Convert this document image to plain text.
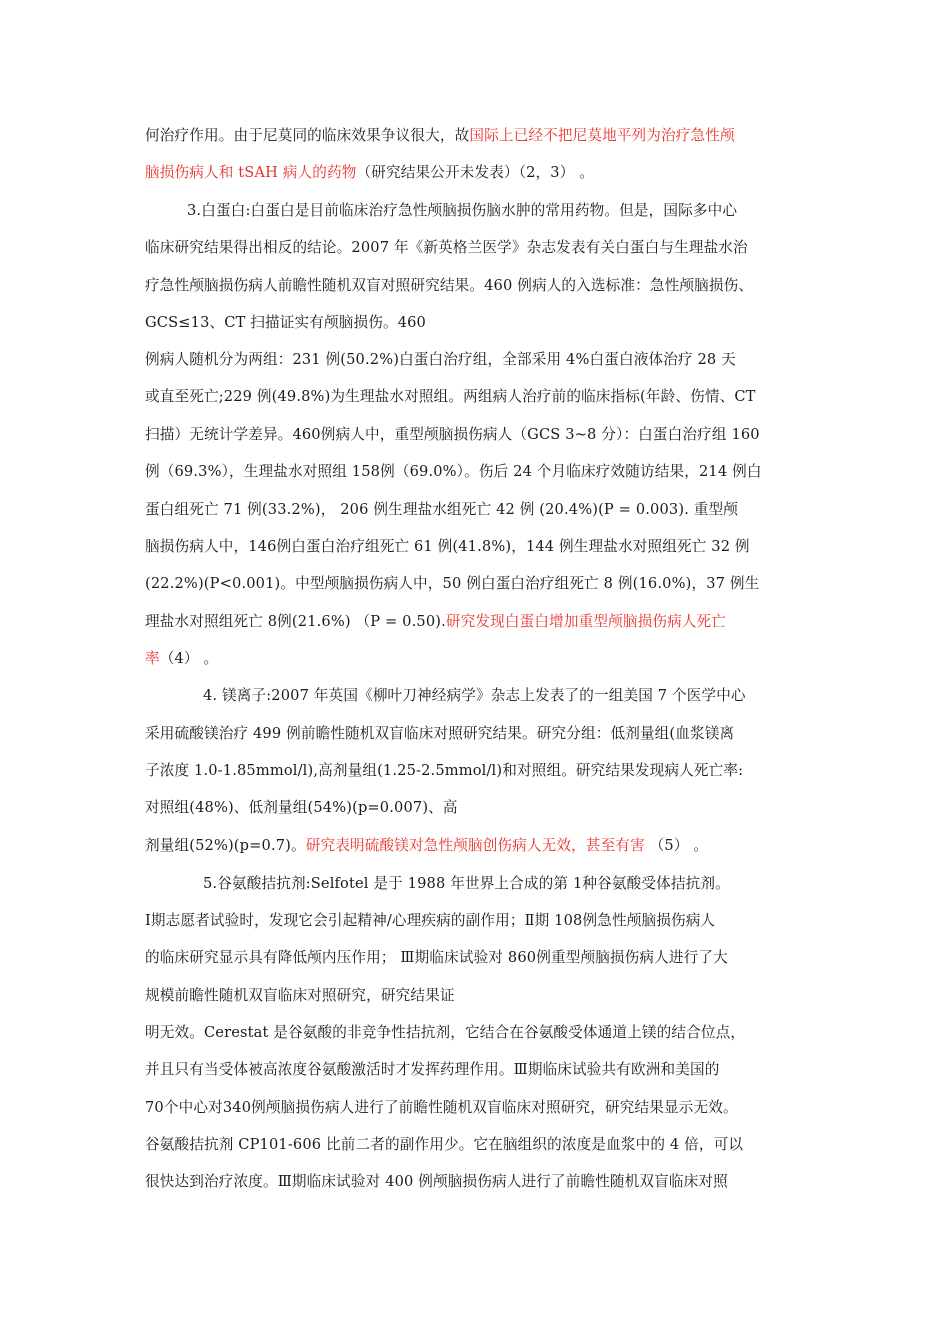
何治疗作用。由于尼莫同的临床效果争议很大，故国际上已经不把尼莫地平列为治疗急性颅
脑损伤病人和 tSAH 病人的药物（研究结果公开未发表）（2，3） 。
3.白蛋白:白蛋白是目前临床治疗急性颅脑损伤脑水肿的常用药物。但是，国际多中心
临床研究结果得出相反的结论。2007 年《新英格兰医学》杂志发表有关白蛋白与生理盐水治
疗急性颅脑损伤病人前瞻性随机双盲对照研究结果。460 例病人的入选标准：急性颅脑损伤、
GCS≤13、CT 扫描证实有颅脑损伤。460
例病人随机分为两组：231 例(50.2%)白蛋白治疗组，全部采用 4%白蛋白液体治疗 28 天
或直至死亡;229 例(49.8%)为生理盐水对照组。两组病人治疗前的临床指标(年龄、伤情、CT
扫描）无统计学差异。460例病人中，重型颅脑损伤病人（GCS 3~8 分）：白蛋白治疗组 160
例（69.3%），生理盐水对照组 158例（69.0%）。伤后 24 个月临床疗效随访结果，214 例白
蛋白组死亡 71 例(33.2%)， 206 例生理盐水组死亡 42 例 (20.4%)(P = 0.003). 重型颅
脑损伤病人中，146例白蛋白治疗组死亡 61 例(41.8%)，144 例生理盐水对照组死亡 32 例
(22.2%)(P<0.001)。中型颅脑损伤病人中，50 例白蛋白治疗组死亡 8 例(16.0%)，37 例生
理盐水对照组死亡 8例(21.6%) （P = 0.50).研究发现白蛋白增加重型颅脑损伤病人死亡
率（4） 。
4. 镁离子:2007 年英国《柳叶刀神经病学》杂志上发表了的一组美国 7 个医学中心
采用硫酸镁治疗 499 例前瞻性随机双盲临床对照研究结果。研究分组：低剂量组(血浆镁离
子浓度 1.0-1.85mmol/l),高剂量组(1.25-2.5mmol/l)和对照组。研究结果发现病人死亡率:
对照组(48%)、低剂量组(54%)(p=0.007)、高
剂量组(52%)(p=0.7)。研究表明硫酸镁对急性颅脑创伤病人无效，甚至有害 （5） 。
5.谷氨酸拮抗剂:Selfotel 是于 1988 年世界上合成的第 1种谷氨酸受体拮抗剂。
Ⅰ期志愿者试验时，发现它会引起精神/心理疾病的副作用；Ⅱ期 108例急性颅脑损伤病人
的临床研究显示具有降低颅内压作用； Ⅲ期临床试验对 860例重型颅脑损伤病人进行了大
规模前瞻性随机双盲临床对照研究，研究结果证
明无效。Cerestat 是谷氨酸的非竞争性拮抗剂，它结合在谷氨酸受体通道上镁的结合位点，
并且只有当受体被高浓度谷氨酸激活时才发挥药理作用。Ⅲ期临床试验共有欧洲和美国的
70个中心对340例颅脑损伤病人进行了前瞻性随机双盲临床对照研究，研究结果显示无效。
谷氨酸拮抗剂 CP101-606 比前二者的副作用少。它在脑组织的浓度是血浆中的 4 倍，可以
很快达到治疗浓度。Ⅲ期临床试验对 400 例颅脑损伤病人进行了前瞻性随机双盲临床对照
